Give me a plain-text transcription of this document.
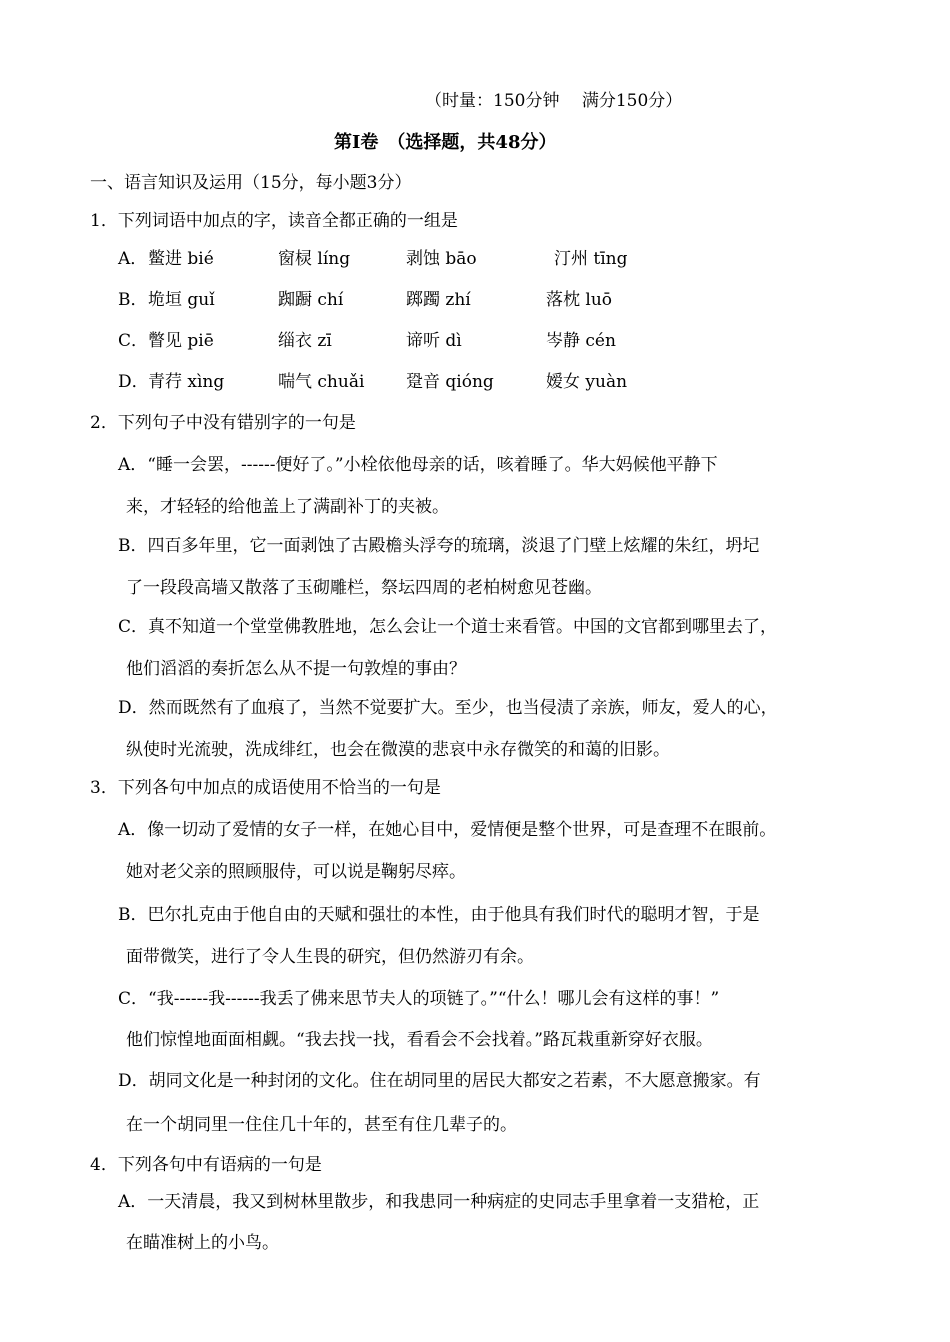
（时量：150分钟　 满分150分）
第Ⅰ卷　（选择题，共48分）
一、语言知识及运用（15分，每小题3分）
1．下列词语中加点的字，读音全都正确的一组是
A． 鳖进 bié	窗棂 líng	剥蚀 bāo	汀州 tīng
B． 垝垣 guǐ	踟蹰 chí	踯躅 zhí	落枕 luō
C． 瞥见 piē	缁衣 zī	谛听 dì	岑静 cén
D． 青荇 xìng	喘气 chuǎi 跫音 qióng	嫒女 yuàn
2．下列句子中没有错别字的一句是
A．“睡一会罢，------便好了。”小栓依他母亲的话，咳着睡了。华大妈候他平静下
来，才轻轻的给他盖上了满副补丁的夹被。
B．四百多年里，它一面剥蚀了古殿檐头浮夸的琉璃，淡退了门壁上炫耀的朱红，坍圮
了一段段高墙又散落了玉砌雕栏，祭坛四周的老柏树愈见苍幽。
C．真不知道一个堂堂佛教胜地，怎么会让一个道士来看管。中国的文官都到哪里去了，
他们滔滔的奏折怎么从不提一句敦煌的事由？
D．然而既然有了血痕了，当然不觉要扩大。至少，也当侵渍了亲族，师友，爱人的心，
纵使时光流驶，洗成绯红，也会在微漠的悲哀中永存微笑的和蔼的旧影。
3．下列各句中加点的成语使用不恰当的一句是
A．像一切动了爱情的女子一样，在她心目中，爱情便是整个世界，可是查理不在眼前。
她对老父亲的照顾服侍，可以说是鞠躬尽瘁。
B．巴尔扎克由于他自由的天赋和强壮的本性，由于他具有我们时代的聪明才智，于是
面带微笑，进行了令人生畏的研究，但仍然游刃有余。
C．“我------我------我丢了佛来思节夫人的项链了。”“什么！哪儿会有这样的事！”
他们惊惶地面面相觑。“我去找一找，看看会不会找着。”路瓦栽重新穿好衣服。
D．胡同文化是一种封闭的文化。住在胡同里的居民大都安之若素，不大愿意搬家。有
在一个胡同里一住住几十年的，甚至有住几辈子的。
4．下列各句中有语病的一句是
A．一天清晨，我又到树林里散步，和我患同一种病症的史同志手里拿着一支猎枪，正
在瞄准树上的小鸟。
